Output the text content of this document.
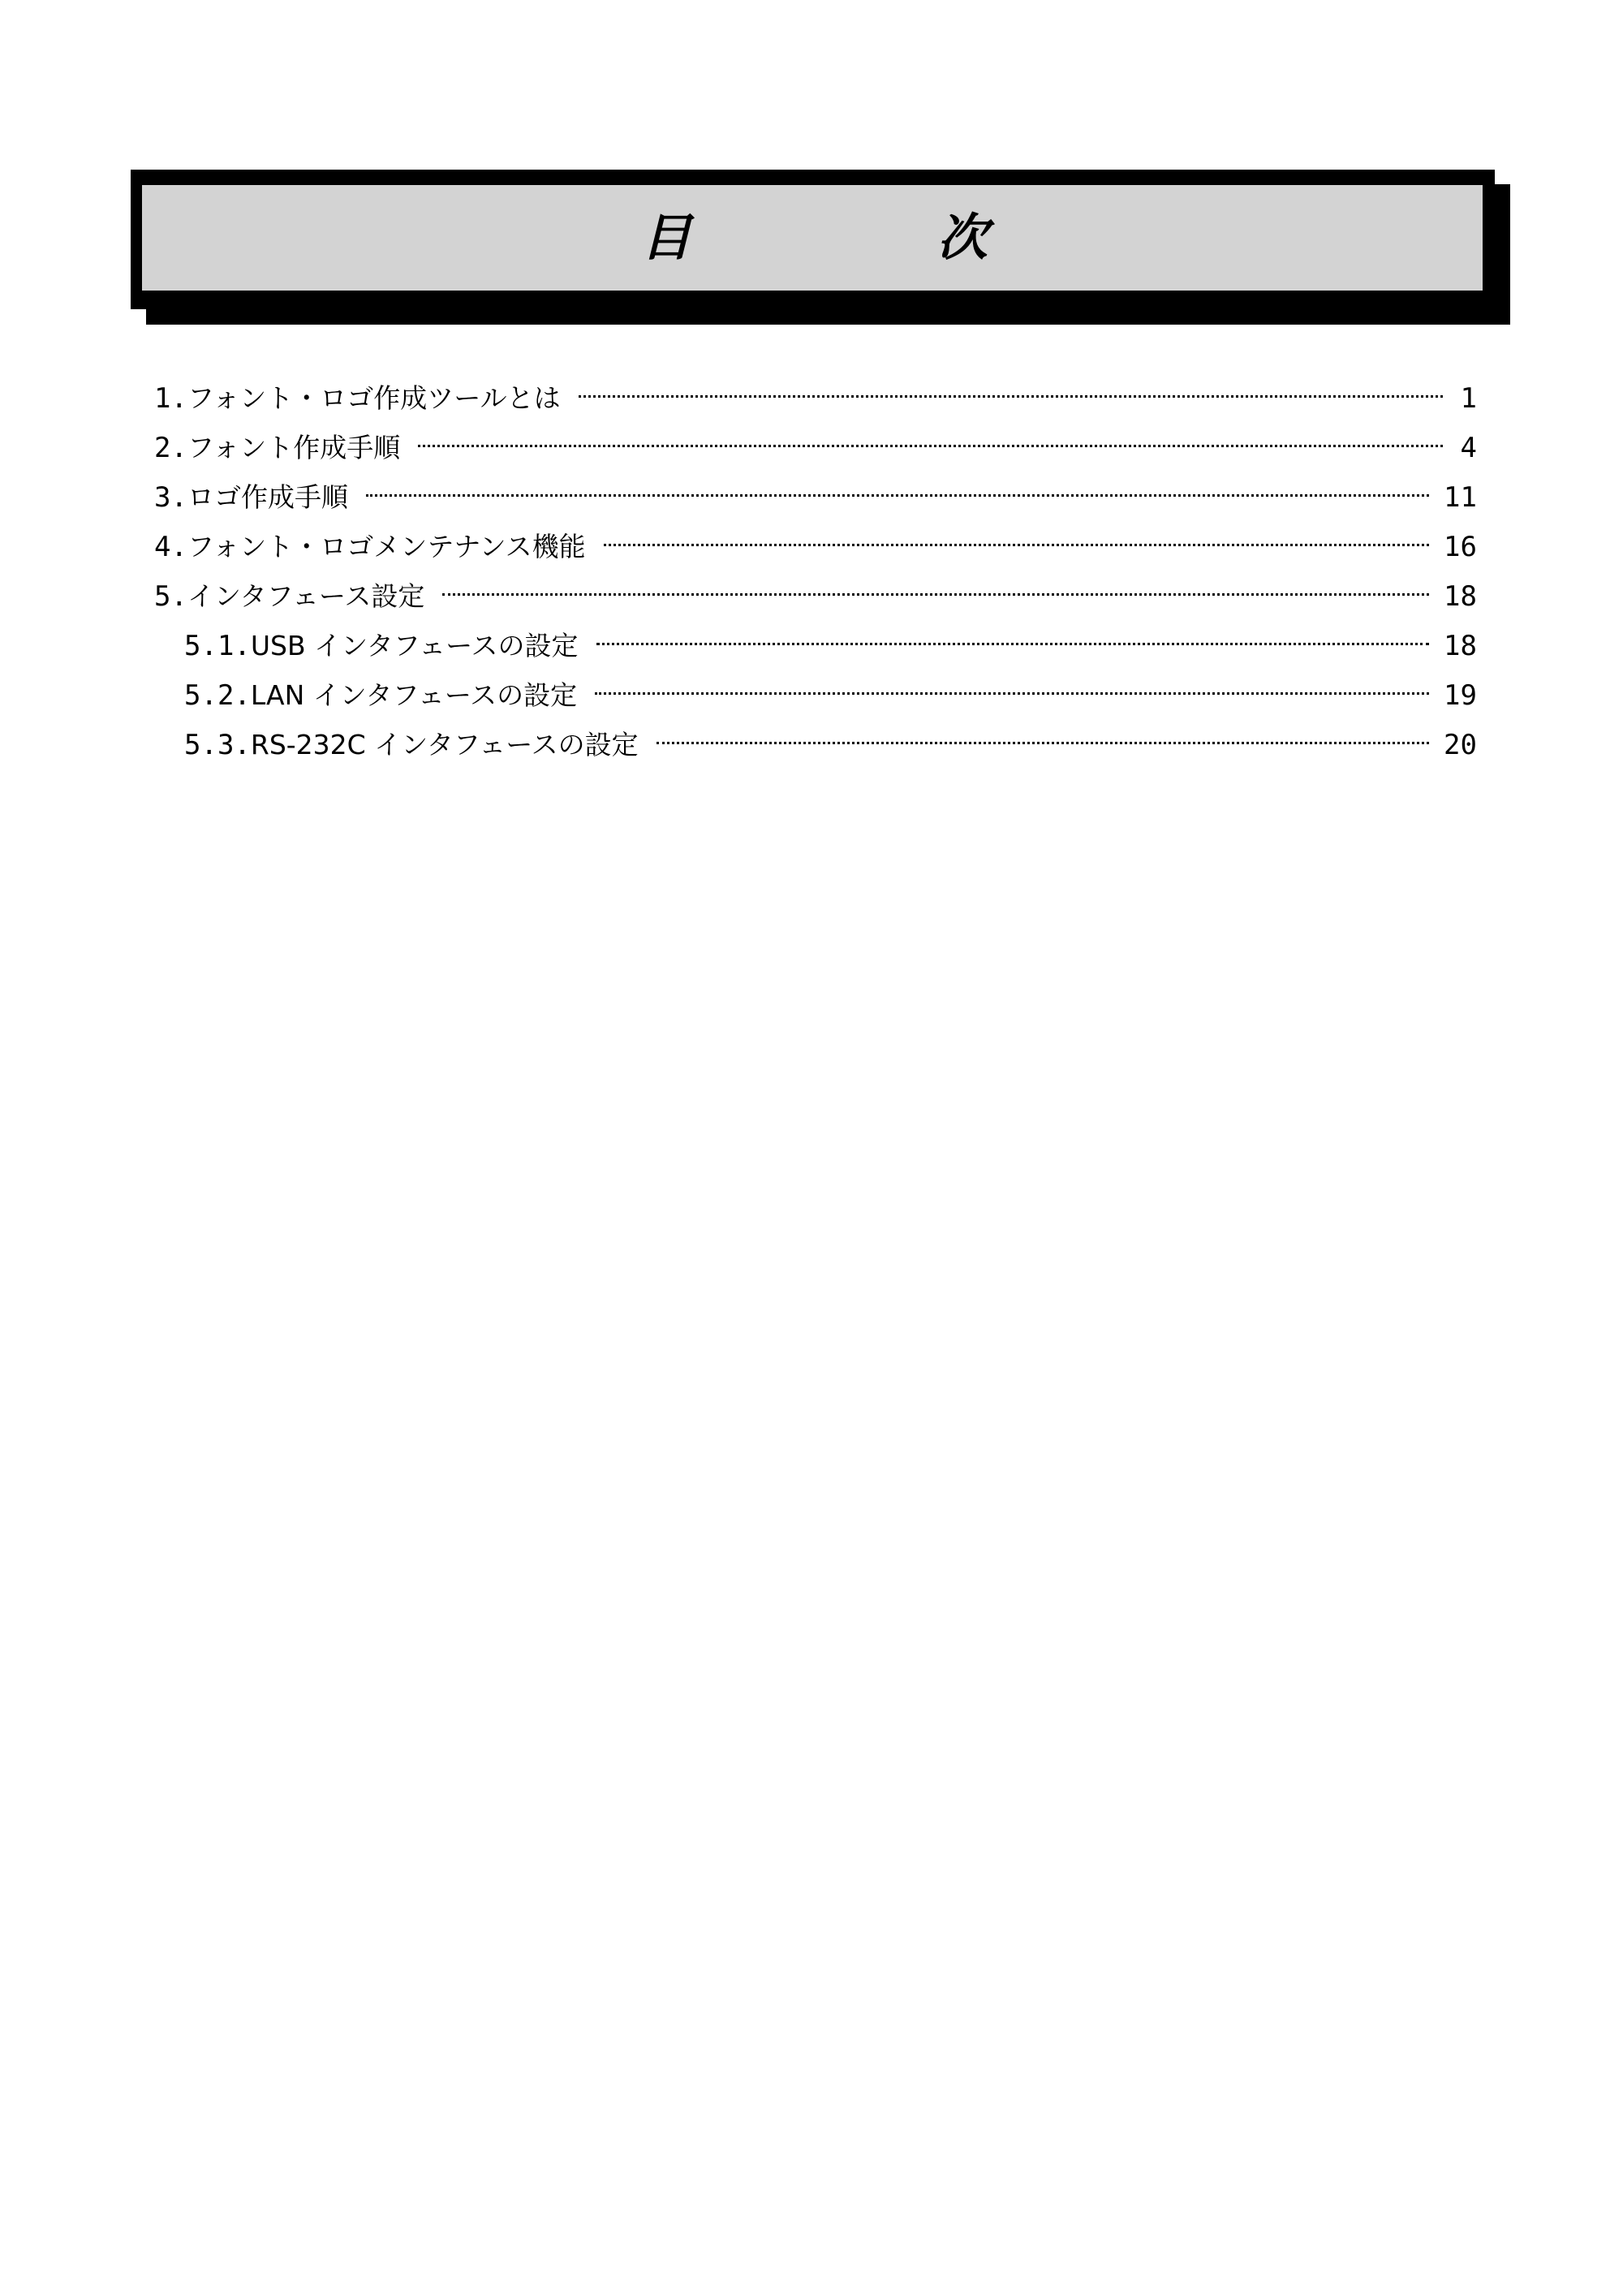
目	次
1. フォント・ロゴ作成ツールとは	1
2. フォント作成手順	4
3. ロゴ作成手順	11
4. フォント・ロゴメンテナンス機能	16
5. インタフェース設定	18
5.1. USB インタフェースの設定	18
5.2. LAN インタフェースの設定	19
5.3. RS-232C インタフェースの設定	20
